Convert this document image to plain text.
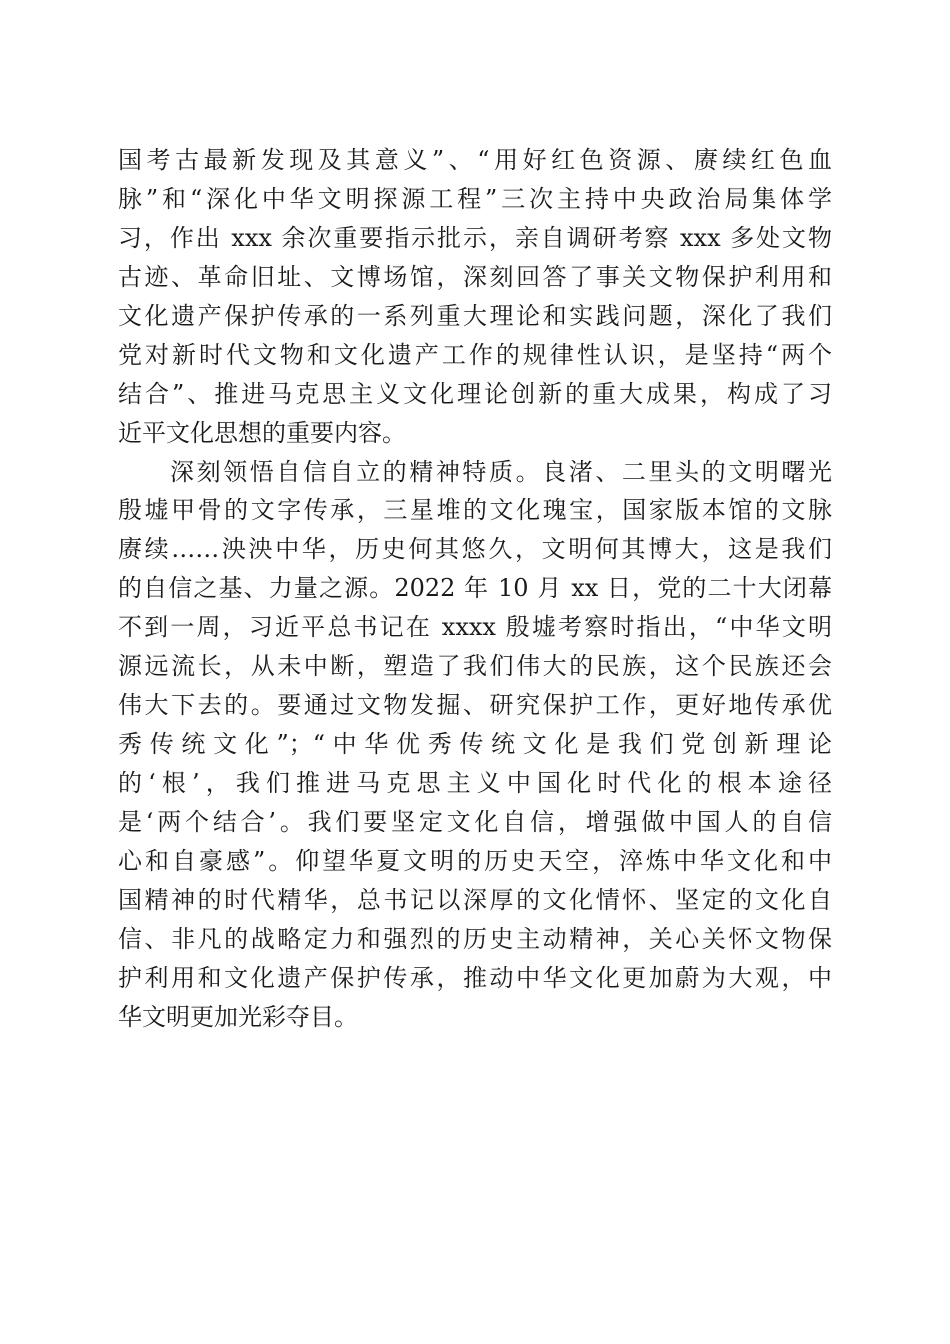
国考古最新发现及其意义”、“用好红色资源、赓续红色血
脉”和“深化中华文明探源工程”三次主持中央政治局集体学
习，作出 xxx 余次重要指示批示，亲自调研考察 xxx 多处文物
古迹、革命旧址、文博场馆，深刻回答了事关文物保护利用和
文化遗产保护传承的一系列重大理论和实践问题，深化了我们
党对新时代文物和文化遗产工作的规律性认识，是坚持“两个
结合”、推进马克思主义文化理论创新的重大成果，构成了习
近平文化思想的重要内容。
深刻领悟自信自立的精神特质。良渚、二里头的文明曙光
殷墟甲骨的文字传承，三星堆的文化瑰宝，国家版本馆的文脉
赓续……泱泱中华，历史何其悠久，文明何其博大，这是我们
的自信之基、力量之源。2022 年 10 月 xx 日，党的二十大闭幕
不到一周，习近平总书记在 xxxx 殷墟考察时指出，“中华文明
源远流长，从未中断，塑造了我们伟大的民族，这个民族还会
伟大下去的。要通过文物发掘、研究保护工作，更好地传承优
秀传统文化”；“中华优秀传统文化是我们党创新理论
的‘根’，我们推进马克思主义中国化时代化的根本途径
是‘两个结合’。我们要坚定文化自信，增强做中国人的自信
心和自豪感”。仰望华夏文明的历史天空，淬炼中华文化和中
国精神的时代精华，总书记以深厚的文化情怀、坚定的文化自
信、非凡的战略定力和强烈的历史主动精神，关心关怀文物保
护利用和文化遗产保护传承，推动中华文化更加蔚为大观，中
华文明更加光彩夺目。
